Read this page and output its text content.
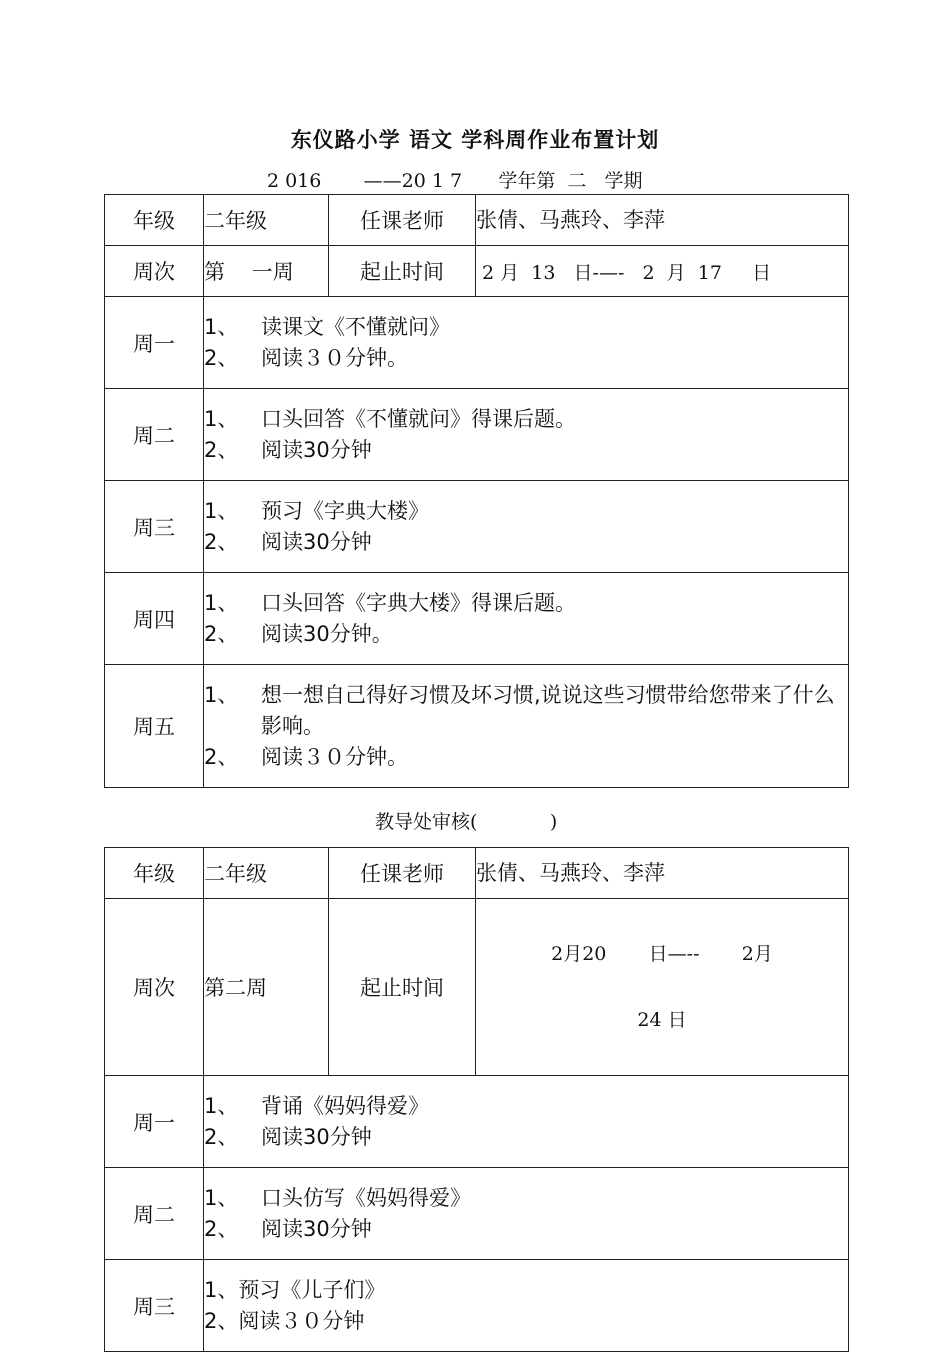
东仪路小学 语文 学科周作业布置计划
2 016       ——20 1 7      学年第  二   学期
年级	二年级	任课老师	张倩、马燕玲、李萍
周次	第    一周	起止时间	2 月  13   日-—-   2  月  17     日
周一	1、 读课文《不懂就问》
2、 阅读３０分钟。		

周二	1、 口头回答《不懂就问》得课后题。
2、 阅读30分钟		

周三	1、 预习《字典大楼》
2、 阅读30分钟		

周四	1、 口头回答《字典大楼》得课后题。
2、 阅读30分钟。		

周五	1、 想一想自己得好习惯及坏习惯,说说这些习惯带给您带来了什么影响。
2、 阅读３０分钟。		
教导处审核(            )
年级	二年级	任课老师	张倩、马燕玲、李萍
周次	第二周	起止时间	2月20       日—--       2月

24 日

周一	1、 背诵《妈妈得爱》
2、 阅读30分钟		

周二	1、 口头仿写《妈妈得爱》
2、 阅读30分钟		

周三	1、 预习《儿子们》
2、 阅读３０分钟		
